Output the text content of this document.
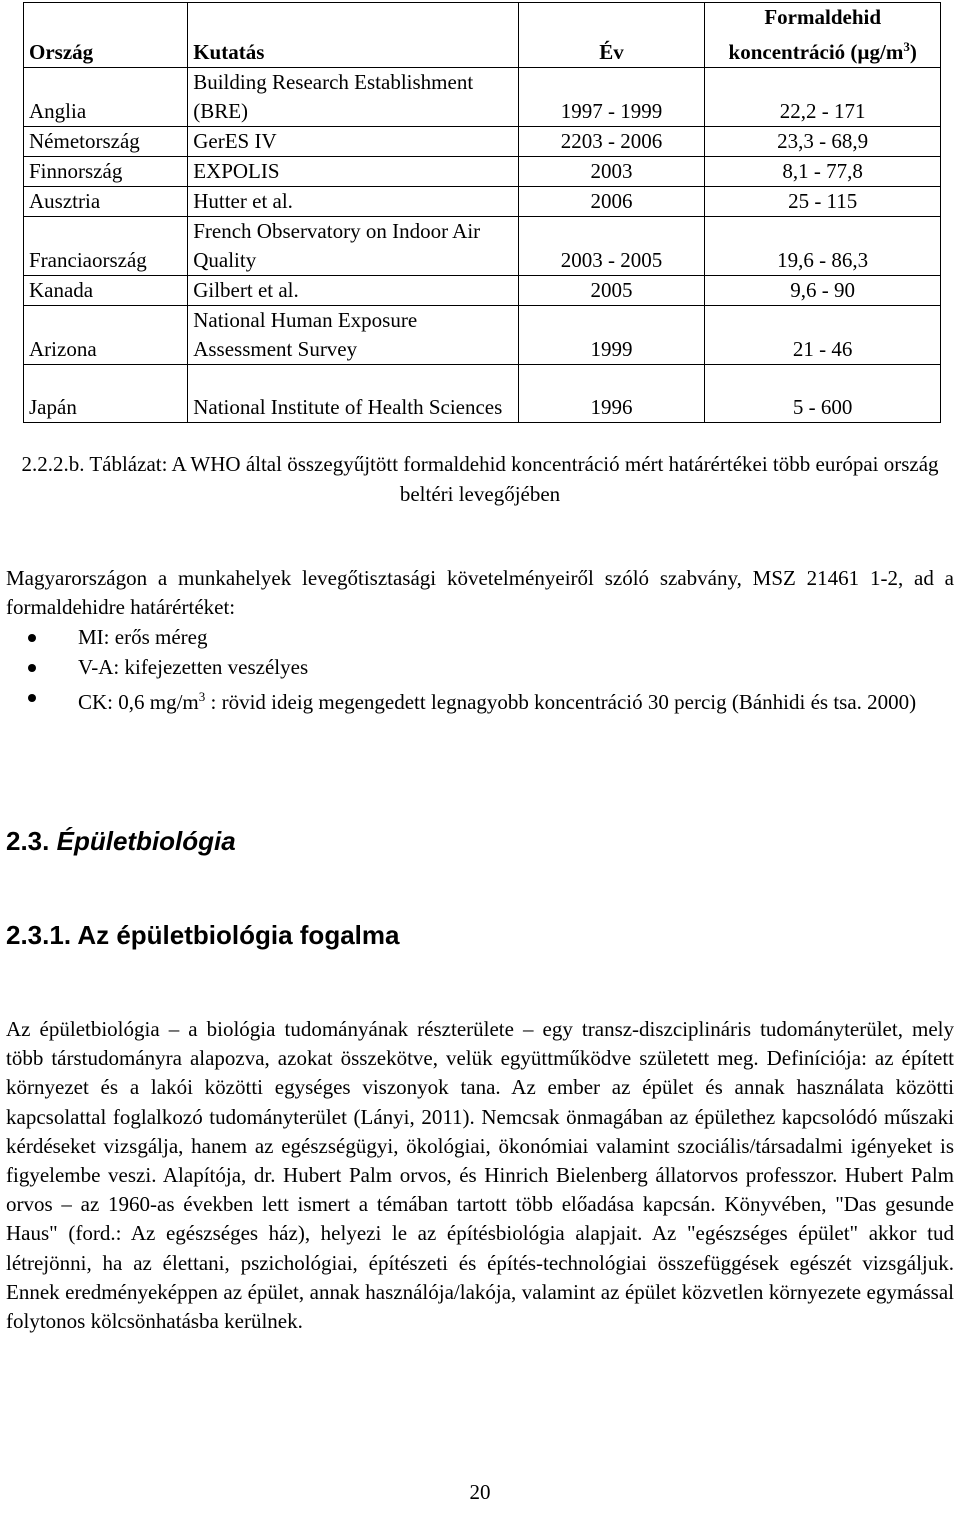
Ország	Kutatás	Év	Formaldehid
koncentráció $(\mu g/m^3)$
Anglia	Building Research Establishment (BRE)	1997 - 1999	22,2 - 171
Németország	GerES IV	2203 - 2006	23,3 - 68,9
Finnország	EXPOLIS	2003	8,1 - 77,8
Ausztria	Hutter et al.	2006	25 - 115
Franciaország	French Observatory on Indoor Air Quality	2003 - 2005	19,6 - 86,3
Kanada	Gilbert et al.	2005	9,6 - 90
Arizona	National Human Exposure Assessment Survey	1999	21 - 46
Japán	National Institute of Health Sciences	1996	5 - 600
2.2.2.b. Táblázat: A WHO által összegyűjtött formaldehid koncentráció mért határértékei több európai ország beltéri levegőjében
Magyarországon a munkahelyek levegőtisztasági követelményeiről szóló szabvány, MSZ 21461 1-2, ad a formaldehidre határértéket:
MI: erős méreg
V-A: kifejezetten veszélyes
CK: 0,6 $mg/m^3$ : rövid ideig megengedett legnagyobb koncentráció 30 percig (Bánhidi és tsa. 2000)
2.3. Épületbiológia
2.3.1. Az épületbiológia fogalma
Az épületbiológia – a biológia tudományának részterülete – egy transz-diszciplináris tudományterület, mely több társtudományra alapozva, azokat összekötve, velük együttműködve született meg. Definíciója: az épített környezet és a lakói közötti egységes viszonyok tana. Az ember az épület és annak használata közötti kapcsolattal foglalkozó tudományterület (Lányi, 2011). Nemcsak önmagában az épülethez kapcsolódó műszaki kérdéseket vizsgálja, hanem az egészségügyi, ökológiai, ökonómiai valamint szociális/társadalmi igényeket is figyelembe veszi. Alapítója, dr. Hubert Palm orvos, és Hinrich Bielenberg állatorvos professzor. Hubert Palm orvos – az 1960-as években lett ismert a témában tartott több előadása kapcsán. Könyvében, "Das gesunde Haus" (ford.: Az egészséges ház), helyezi le az építésbiológia alapjait. Az "egészséges épület" akkor tud létrejönni, ha az élettani, pszichológiai, építészeti és építés-technológiai összefüggések egészét vizsgáljuk. Ennek eredményeképpen az épület, annak használója/lakója, valamint az épület közvetlen környezete egymással folytonos kölcsönhatásba kerülnek.
20
